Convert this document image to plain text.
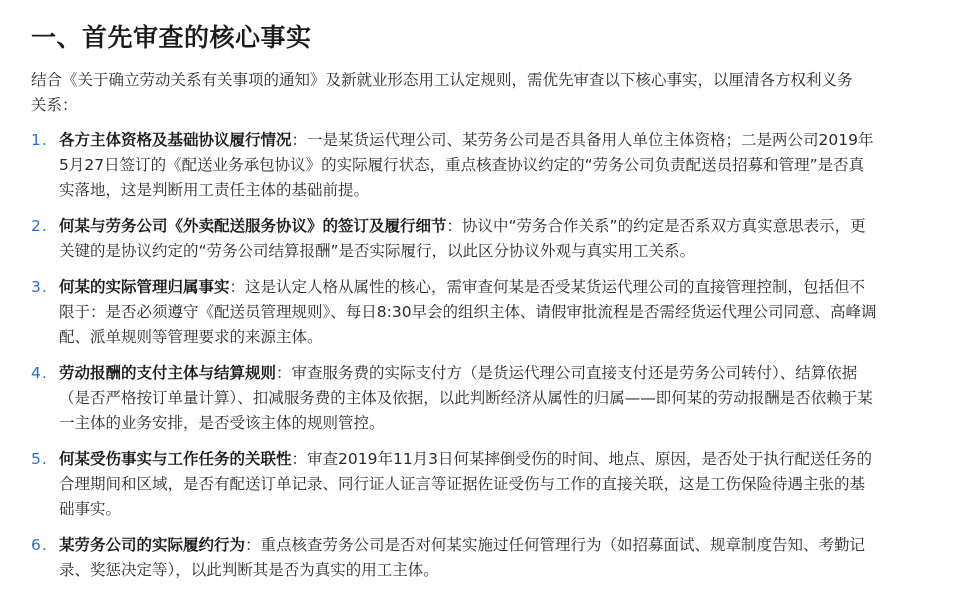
一、首先审查的核心事实

结合《关于确立劳动关系有关事项的通知》及新就业形态用工认定规则，需优先审查以下核心事实，以厘清各方权利义务关系：

1. 各方主体资格及基础协议履行情况：一是某货运代理公司、某劳务公司是否具备用人单位主体资格；二是两公司2019年5月27日签订的《配送业务承包协议》的实际履行状态，重点核查协议约定的“劳务公司负责配送员招募和管理”是否真实落地，这是判断用工责任主体的基础前提。
2. 何某与劳务公司《外卖配送服务协议》的签订及履行细节：协议中“劳务合作关系”的约定是否系双方真实意思表示，更关键的是协议约定的“劳务公司结算报酬”是否实际履行，以此区分协议外观与真实用工关系。
3. 何某的实际管理归属事实：这是认定人格从属性的核心，需审查何某是否受某货运代理公司的直接管理控制，包括但不限于：是否必须遵守《配送员管理规则》、每日8:30早会的组织主体、请假审批流程是否需经货运代理公司同意、高峰调配、派单规则等管理要求的来源主体。
4. 劳动报酬的支付主体与结算规则：审查服务费的实际支付方（是货运代理公司直接支付还是劳务公司转付）、结算依据（是否严格按订单量计算）、扣减服务费的主体及依据，以此判断经济从属性的归属——即何某的劳动报酬是否依赖于某一主体的业务安排，是否受该主体的规则管控。
5. 何某受伤事实与工作任务的关联性：审查2019年11月3日何某摔倒受伤的时间、地点、原因，是否处于执行配送任务的合理期间和区域，是否有配送订单记录、同行证人证言等证据佐证受伤与工作的直接关联，这是工伤保险待遇主张的基础事实。
6. 某劳务公司的实际履约行为：重点核查劳务公司是否对何某实施过任何管理行为（如招募面试、规章制度告知、考勤记录、奖惩决定等），以此判断其是否为真实的用工主体。
